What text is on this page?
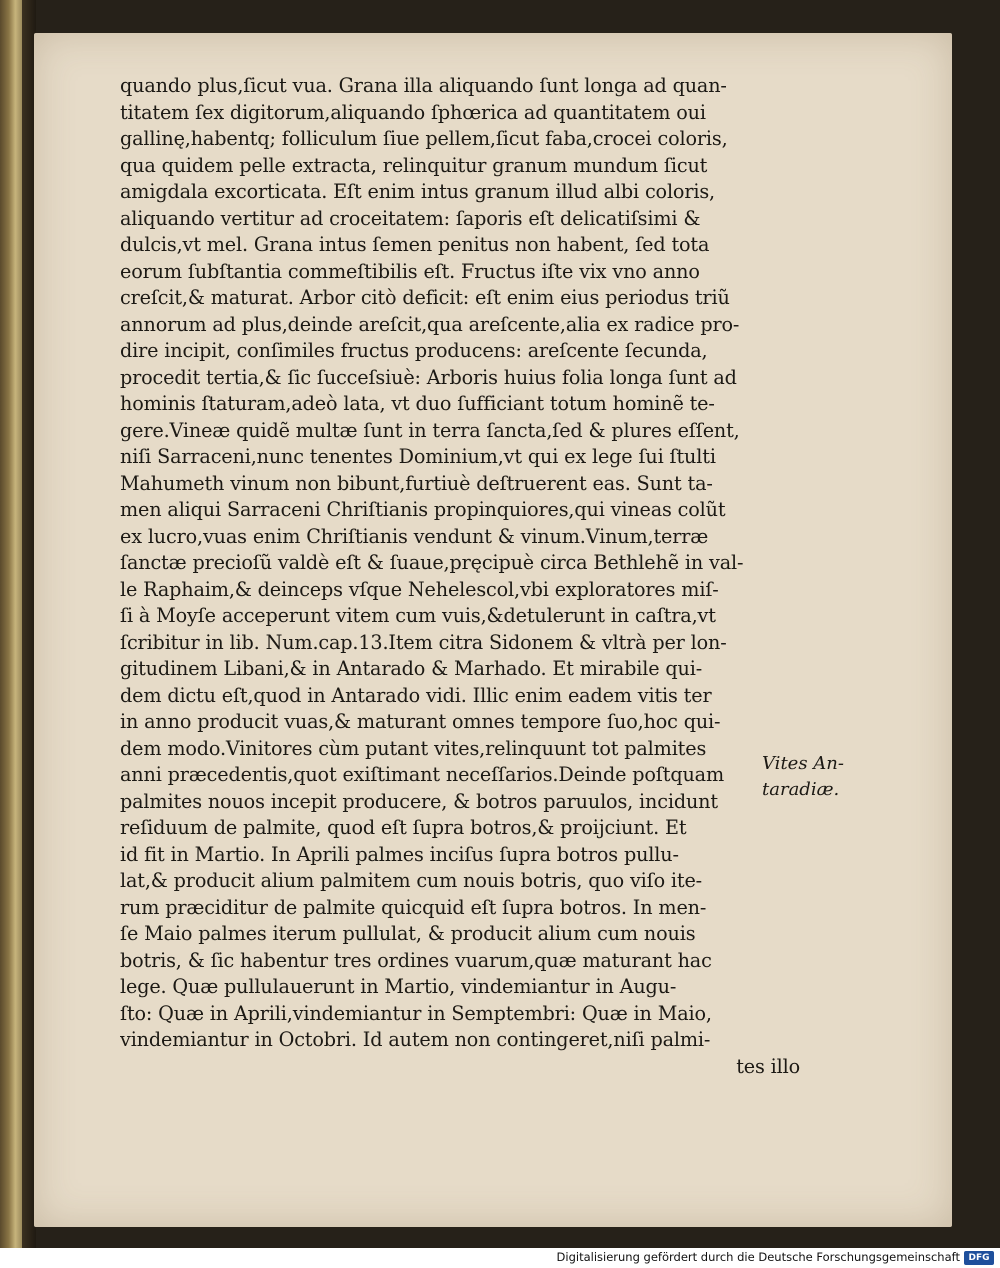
quando plus,ſicut vua. Grana illa aliquando ſunt longa ad quan-
titatem ſex digitorum,aliquando ſphœrica ad quantitatem oui
gallinę,habentq; folliculum ſiue pellem,ſicut faba,crocei coloris,
qua quidem pelle extracta, relinquitur granum mundum ſicut
amigdala excorticata. Eſt enim intus granum illud albi coloris,
aliquando vertitur ad croceitatem: ſaporis eſt delicatiſsimi &
dulcis,vt mel. Grana intus ſemen penitus non habent, ſed tota
eorum ſubſtantia commeſtibilis eſt. Fructus iſte vix vno anno
creſcit,& maturat. Arbor citò deficit: eſt enim eius periodus triũ
annorum ad plus,deinde areſcit,qua areſcente,alia ex radice pro-
dire incipit, conſimiles fructus producens: areſcente ſecunda,
procedit tertia,& ſic ſucceſsiuè: Arboris huius folia longa ſunt ad
hominis ſtaturam,adeò lata, vt duo ſufficiant totum hominẽ te-
gere.Vineæ quidẽ multæ ſunt in terra ſancta,ſed & plures eſſent,
niſi Sarraceni,nunc tenentes Dominium,vt qui ex lege ſui ſtulti
Mahumeth vinum non bibunt,furtiuè deſtruerent eas. Sunt ta-
men aliqui Sarraceni Chriſtianis propinquiores,qui vineas colũt
ex lucro,vuas enim Chriſtianis vendunt & vinum.Vinum,terræ
ſanctæ precioſũ valdè eſt & ſuaue,pręcipuè circa Bethlehẽ in val-
le Raphaim,& deinceps vſque Nehelescol,vbi exploratores miſ-
ſi à Moyſe acceperunt vitem cum vuis,&detulerunt in caſtra,vt
ſcribitur in lib. Num.cap.13.Item citra Sidonem & vltrà per lon-
gitudinem Libani,& in Antarado & Marhado. Et mirabile qui-
dem dictu eſt,quod in Antarado vidi. Illic enim eadem vitis ter
in anno producit vuas,& maturant omnes tempore ſuo,hoc qui-
dem modo.Vinitores cùm putant vites,relinquunt tot palmites
anni præcedentis,quot exiſtimant neceſſarios.Deinde poſtquam
palmites nouos incepit producere, & botros paruulos, incidunt
reſiduum de palmite, quod eſt ſupra botros,& proijciunt. Et
id fit in Martio. In Aprili palmes inciſus ſupra botros pullu-
lat,& producit alium palmitem cum nouis botris, quo viſo ite-
rum præciditur de palmite quicquid eſt ſupra botros. In men-
ſe Maio palmes iterum pullulat, & producit alium cum nouis
botris, & ſic habentur tres ordines vuarum,quæ maturant hac
lege. Quæ pullulauerunt in Martio, vindemiantur in Augu-
ſto: Quæ in Aprili,vindemiantur in Semptembri: Quæ in Maio,
vindemiantur in Octobri. Id autem non contingeret,niſi palmi-
tes illo
Vites An-
taradiæ.
Digitalisierung gefördert durch die Deutsche Forschungsgemeinschaft DFG
